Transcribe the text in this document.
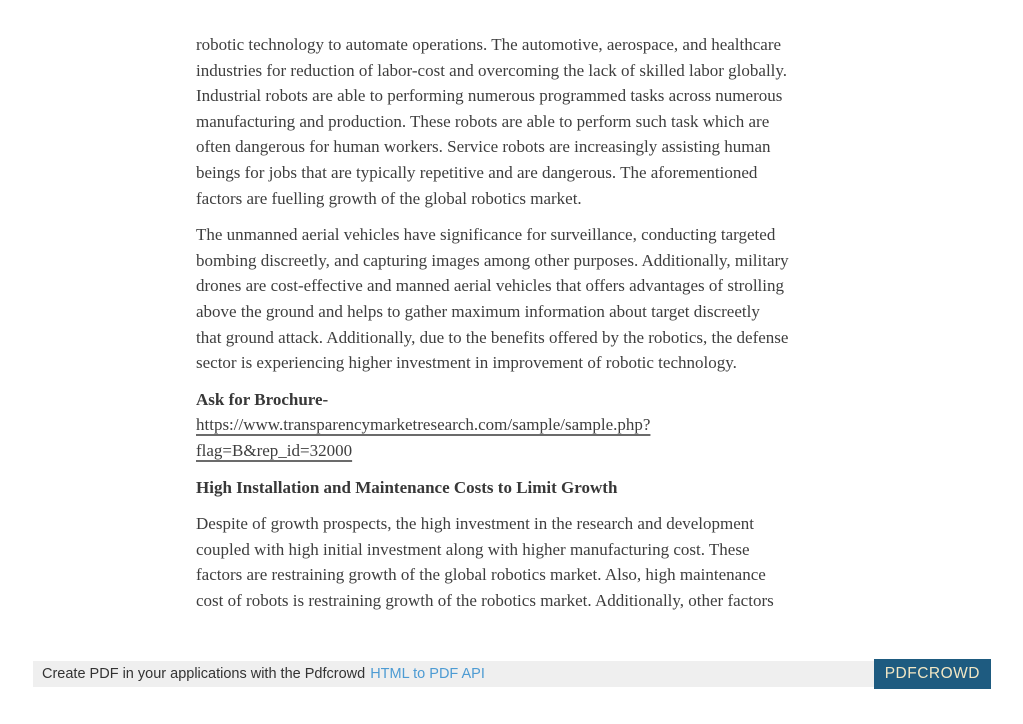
robotic technology to automate operations. The automotive, aerospace, and healthcare
industries for reduction of labor-cost and overcoming the lack of skilled labor globally.
Industrial robots are able to performing numerous programmed tasks across numerous
manufacturing and production. These robots are able to perform such task which are
often dangerous for human workers. Service robots are increasingly assisting human
beings for jobs that are typically repetitive and are dangerous. The aforementioned
factors are fuelling growth of the global robotics market.

The unmanned aerial vehicles have significance for surveillance, conducting targeted
bombing discreetly, and capturing images among other purposes. Additionally, military
drones are cost-effective and manned aerial vehicles that offers advantages of strolling
above the ground and helps to gather maximum information about target discreetly
that ground attack. Additionally, due to the benefits offered by the robotics, the defense
sector is experiencing higher investment in improvement of robotic technology.

Ask for Brochure-
https://www.transparencymarketresearch.com/sample/sample.php?
flag=B&rep_id=32000

High Installation and Maintenance Costs to Limit Growth

Despite of growth prospects, the high investment in the research and development
coupled with high initial investment along with higher manufacturing cost. These
factors are restraining growth of the global robotics market. Also, high maintenance
cost of robots is restraining growth of the robotics market. Additionally, other factors

Create PDF in your applications with the Pdfcrowd HTML to PDF API	PDFCROWD
